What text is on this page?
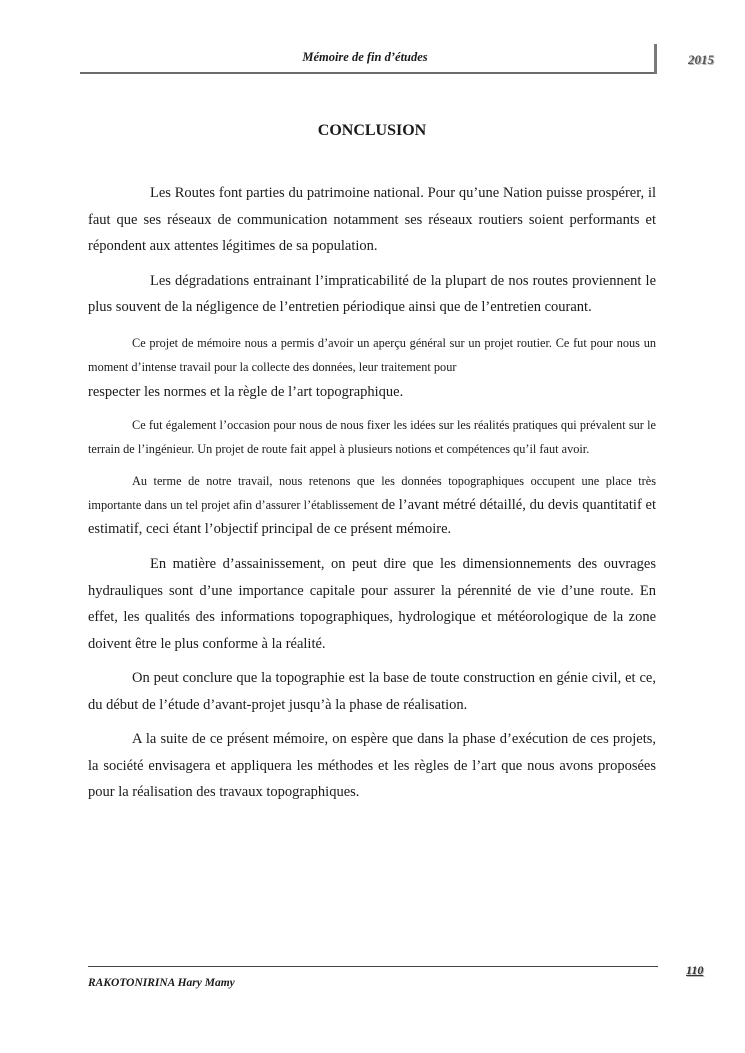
Mémoire de fin d’études	2015
CONCLUSION

Les Routes font parties du patrimoine national. Pour qu’une Nation puisse prospérer, il faut que ses réseaux de communication notamment ses réseaux routiers soient performants et répondent aux attentes légitimes de sa population.

Les dégradations entrainant l’impraticabilité de la plupart de nos routes proviennent le plus souvent de la négligence de l’entretien périodique ainsi que de l’entretien courant.

Ce projet de mémoire nous a permis d’avoir un aperçu général sur un projet routier. Ce fut pour nous un moment d’intense travail pour la collecte des données, leur traitement pour

respecter les normes et la règle de l’art topographique.

Ce fut également l’occasion pour nous de nous fixer les idées sur les réalités pratiques qui prévalent sur le terrain de l’ingénieur. Un projet de route fait appel à plusieurs notions et compétences qu’il faut avoir.

Au terme de notre travail, nous retenons que les données topographiques occupent une place très importante dans un tel projet afin d’assurer l’établissement de l’avant métré détaillé, du devis quantitatif et estimatif, ceci étant l’objectif principal de ce présent mémoire.

En matière d’assainissement, on peut dire que les dimensionnements des ouvrages hydrauliques sont d’une importance capitale pour assurer la pérennité de vie d’une route. En effet, les qualités des informations topographiques, hydrologique et météorologique de la zone doivent être le plus conforme à la réalité.

On peut conclure que la topographie est la base de toute construction en génie civil, et ce, du début de l’étude d’avant-projet jusqu’à la phase de réalisation.

A la suite de ce présent mémoire, on espère que dans la phase d’exécution de ces projets, la société envisagera et appliquera les méthodes et les règles de l’art que nous avons proposées pour la réalisation des travaux topographiques.

RAKOTONIRINA Hary Mamy
110
